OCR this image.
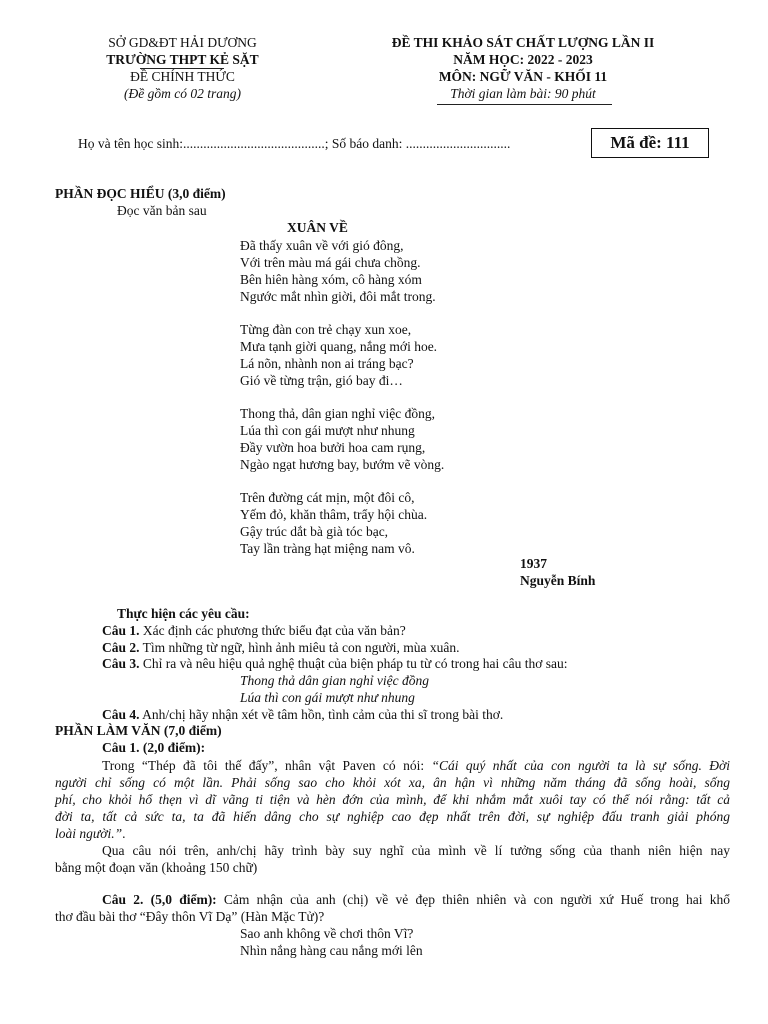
SỞ GD&ĐT HẢI DƯƠNG
TRƯỜNG THPT KẺ SẶT
ĐỀ CHÍNH THỨC
(Đề gồm có 02 trang)
ĐỀ THI KHẢO SÁT CHẤT LƯỢNG LẦN II
NĂM HỌC: 2022 - 2023
MÔN: NGỮ VĂN - KHỐI 11
Thời gian làm bài: 90 phút
Họ và tên học sinh:..........................................; Số báo danh: ...............................	Mã đề: 111
PHẦN ĐỌC HIỂU (3,0 điểm)
Đọc văn bản sau
XUÂN VỀ
Đã thấy xuân về với gió đông,
Với trên màu má gái chưa chồng.
Bên hiên hàng xóm, cô hàng xóm
Ngước mắt nhìn giời, đôi mắt trong.
Từng đàn con trẻ chạy xun xoe,
Mưa tạnh giời quang, nắng mới hoe.
Lá nõn, nhành non ai tráng bạc?
Gió về từng trận, gió bay đi…
Thong thả, dân gian nghỉ việc đồng,
Lúa thì con gái mượt như nhung
Đầy vườn hoa bưởi hoa cam rụng,
Ngào ngạt hương bay, bướm vẽ vòng.
Trên đường cát mịn, một đôi cô,
Yếm đỏ, khăn thâm, trẩy hội chùa.
Gậy trúc dắt bà già tóc bạc,
Tay lần tràng hạt miệng nam vô.
1937
Nguyễn Bính
Thực hiện các yêu cầu:
Câu 1. Xác định các phương thức biểu đạt của văn bản?
Câu 2. Tìm những từ ngữ, hình ảnh miêu tả con người, mùa xuân.
Câu 3. Chỉ ra và nêu hiệu quả nghệ thuật của biện pháp tu từ có trong hai câu thơ sau:
Thong thả dân gian nghỉ việc đồng
Lúa thì con gái mượt như nhung
Câu 4. Anh/chị hãy nhận xét về tâm hồn, tình cảm của thi sĩ trong bài thơ.
PHẦN LÀM VĂN (7,0 điểm)
Câu 1. (2,0 điểm):
Trong “Thép đã tôi thế đấy”, nhân vật Paven có nói: “Cái quý nhất của con người ta là sự sống. Đời
người chỉ sống có một lần. Phải sống sao cho khỏi xót xa, ân hận vì những năm tháng đã sống hoài, sống
phí, cho khỏi hổ thẹn vì dĩ vãng ti tiện và hèn đớn của mình, để khi nhắm mắt xuôi tay có thể nói rằng: tất cả
đời ta, tất cả sức ta, ta đã hiến dâng cho sự nghiệp cao đẹp nhất trên đời, sự nghiệp đấu tranh giải phóng
loài người.”.
Qua câu nói trên, anh/chị hãy trình bày suy nghĩ của mình về lí tưởng sống của thanh niên hiện nay
bằng một đoạn văn (khoảng 150 chữ)
Câu 2. (5,0 điểm): Cảm nhận của anh (chị) về vẻ đẹp thiên nhiên và con người xứ Huế trong hai khổ
thơ đầu bài thơ “Đây thôn Vĩ Dạ” (Hàn Mặc Tử)?
Sao anh không về chơi thôn Vĩ?
Nhìn nắng hàng cau nắng mới lên
